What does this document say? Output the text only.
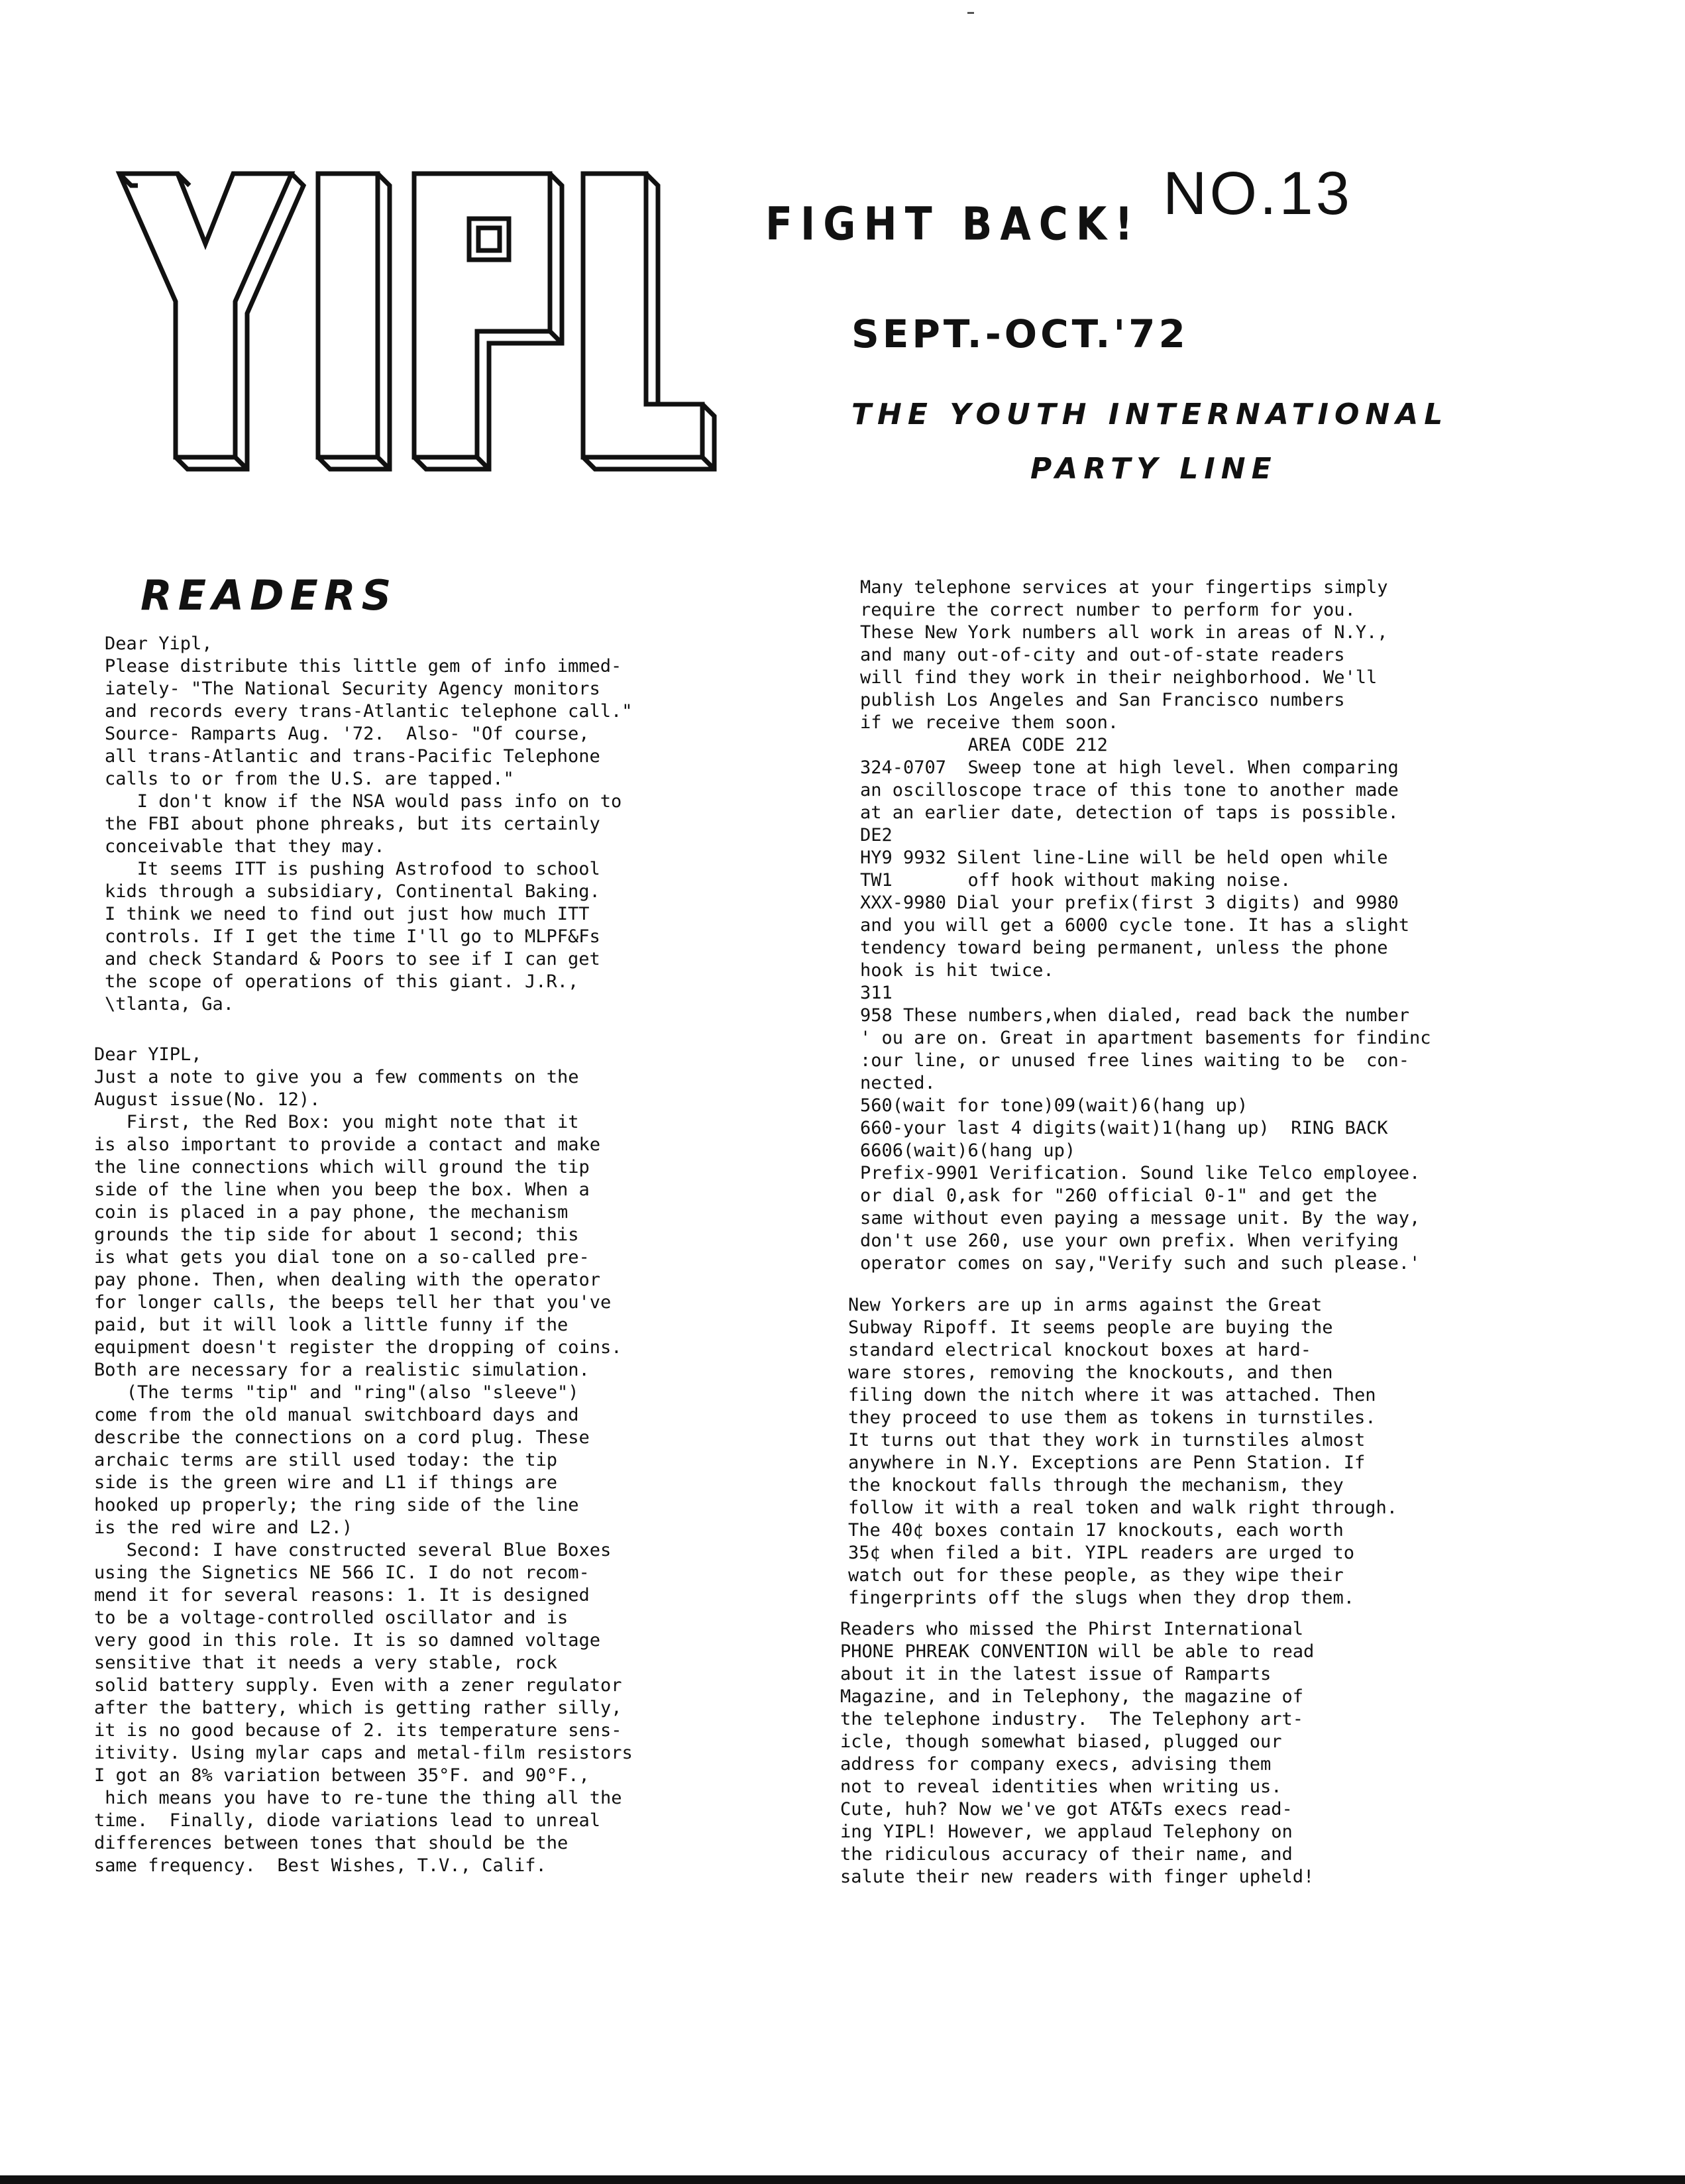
FIGHT BACK! NO.13
SEPT.-OCT.'72
THE YOUTH INTERNATIONAL
PARTY LINE
READERS
Dear Yipl,
Please distribute this little gem of info immed-
iately- "The National Security Agency monitors
and records every trans-Atlantic telephone call."
Source- Ramparts Aug. '72.  Also- "Of course,
all trans-Atlantic and trans-Pacific Telephone
calls to or from the U.S. are tapped."
I don't know if the NSA would pass info on to
the FBI about phone phreaks, but its certainly
conceivable that they may.
It seems ITT is pushing Astrofood to school
kids through a subsidiary, Continental Baking.
I think we need to find out just how much ITT
controls. If I get the time I'll go to MLPF&Fs
and check Standard & Poors to see if I can get
the scope of operations of this giant. J.R.,
\tlanta, Ga.
Dear YIPL,
Just a note to give you a few comments on the
August issue(No. 12).
First, the Red Box: you might note that it
is also important to provide a contact and make
the line connections which will ground the tip
side of the line when you beep the box. When a
coin is placed in a pay phone, the mechanism
grounds the tip side for about 1 second; this
is what gets you dial tone on a so-called pre-
pay phone. Then, when dealing with the operator
for longer calls, the beeps tell her that you've
paid, but it will look a little funny if the
equipment doesn't register the dropping of coins.
Both are necessary for a realistic simulation.
(The terms "tip" and "ring"(also "sleeve")
come from the old manual switchboard days and
describe the connections on a cord plug. These
archaic terms are still used today: the tip
side is the green wire and L1 if things are
hooked up properly; the ring side of the line
is the red wire and L2.)
Second: I have constructed several Blue Boxes
using the Signetics NE 566 IC. I do not recom-
mend it for several reasons: 1. It is designed
to be a voltage-controlled oscillator and is
very good in this role. It is so damned voltage
sensitive that it needs a very stable, rock
solid battery supply. Even with a zener regulator
after the battery, which is getting rather silly,
it is no good because of 2. its temperature sens-
itivity. Using mylar caps and metal-film resistors
I got an 8% variation between 35°F. and 90°F.,
hich means you have to re-tune the thing all the
time.  Finally, diode variations lead to unreal
differences between tones that should be the
same frequency.  Best Wishes, T.V., Calif.
Many telephone services at your fingertips simply
require the correct number to perform for you.
These New York numbers all work in areas of N.Y.,
and many out-of-city and out-of-state readers
will find they work in their neighborhood. We'll
publish Los Angeles and San Francisco numbers
if we receive them soon.
AREA CODE 212
324-0707  Sweep tone at high level. When comparing
an oscilloscope trace of this tone to another made
at an earlier date, detection of taps is possible.
DE2
HY9 9932 Silent line-Line will be held open while
TW1       off hook without making noise.
XXX-9980 Dial your prefix(first 3 digits) and 9980
and you will get a 6000 cycle tone. It has a slight
tendency toward being permanent, unless the phone
hook is hit twice.
311
958 These numbers,when dialed, read back the number
' ou are on. Great in apartment basements for findinc
:our line, or unused free lines waiting to be  con-
nected.
560(wait for tone)09(wait)6(hang up)
660-your last 4 digits(wait)1(hang up)  RING BACK
6606(wait)6(hang up)
Prefix-9901 Verification. Sound like Telco employee.
or dial 0,ask for "260 official 0-1" and get the
same without even paying a message unit. By the way,
don't use 260, use your own prefix. When verifying
operator comes on say,"Verify such and such please.'
New Yorkers are up in arms against the Great
Subway Ripoff. It seems people are buying the
standard electrical knockout boxes at hard-
ware stores, removing the knockouts, and then
filing down the nitch where it was attached. Then
they proceed to use them as tokens in turnstiles.
It turns out that they work in turnstiles almost
anywhere in N.Y. Exceptions are Penn Station. If
the knockout falls through the mechanism, they
follow it with a real token and walk right through.
The 40¢ boxes contain 17 knockouts, each worth
35¢ when filed a bit. YIPL readers are urged to
watch out for these people, as they wipe their
fingerprints off the slugs when they drop them.
Readers who missed the Phirst International
PHONE PHREAK CONVENTION will be able to read
about it in the latest issue of Ramparts
Magazine, and in Telephony, the magazine of
the telephone industry.  The Telephony art-
icle, though somewhat biased, plugged our
address for company execs, advising them
not to reveal identities when writing us.
Cute, huh? Now we've got AT&Ts execs read-
ing YIPL! However, we applaud Telephony on
the ridiculous accuracy of their name, and
salute their new readers with finger upheld!
